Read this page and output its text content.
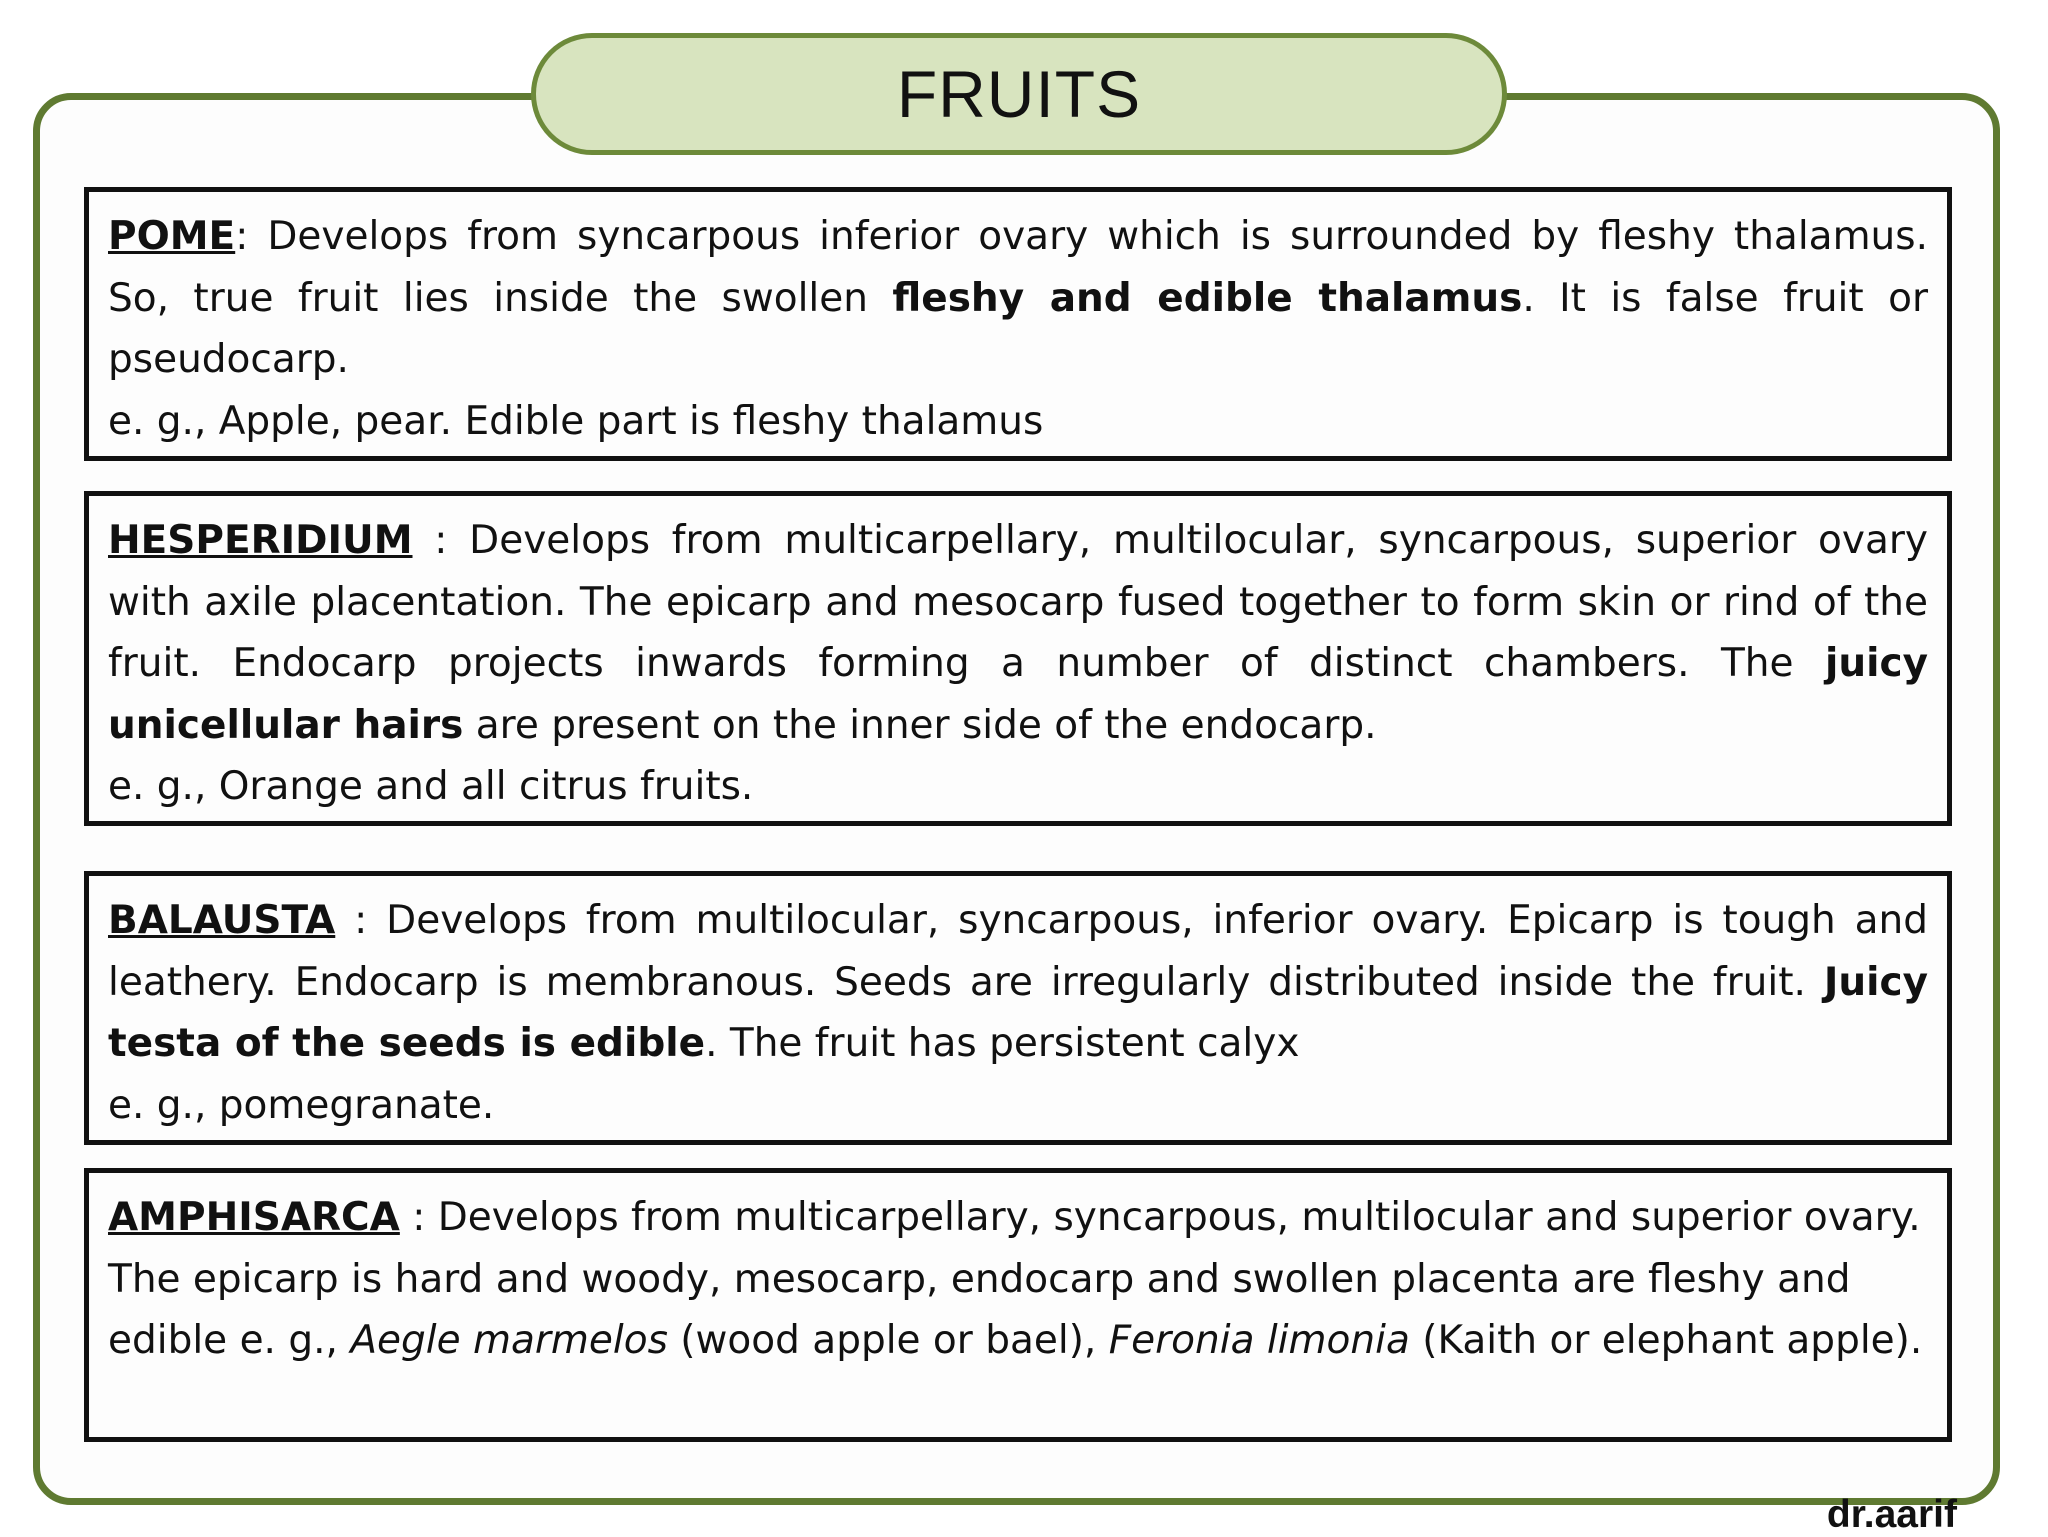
FRUITS

POME: Develops from syncarpous inferior ovary which is surrounded by fleshy thalamus. So, true fruit lies inside the swollen fleshy and edible thalamus. It is false fruit or pseudocarp.

e. g., Apple, pear. Edible part is fleshy thalamus

HESPERIDIUM : Develops from multicarpellary, multilocular, syncarpous, superior ovary with axile placentation. The epicarp and mesocarp fused together to form skin or rind of the fruit. Endocarp projects inwards forming a number of distinct chambers. The juicy unicellular hairs are present on the inner side of the endocarp.

e. g., Orange and all citrus fruits.

BALAUSTA : Develops from multilocular, syncarpous, inferior ovary. Epicarp is tough and leathery. Endocarp is membranous. Seeds are irregularly distributed inside the fruit. Juicy testa of the seeds is edible. The fruit has persistent calyx

e. g., pomegranate.

AMPHISARCA : Develops from multicarpellary, syncarpous, multilocular and superior ovary. The epicarp is hard and woody, mesocarp, endocarp and swollen placenta are fleshy and edible e. g., Aegle marmelos (wood apple or bael), Feronia limonia (Kaith or elephant apple).

dr.aarif
